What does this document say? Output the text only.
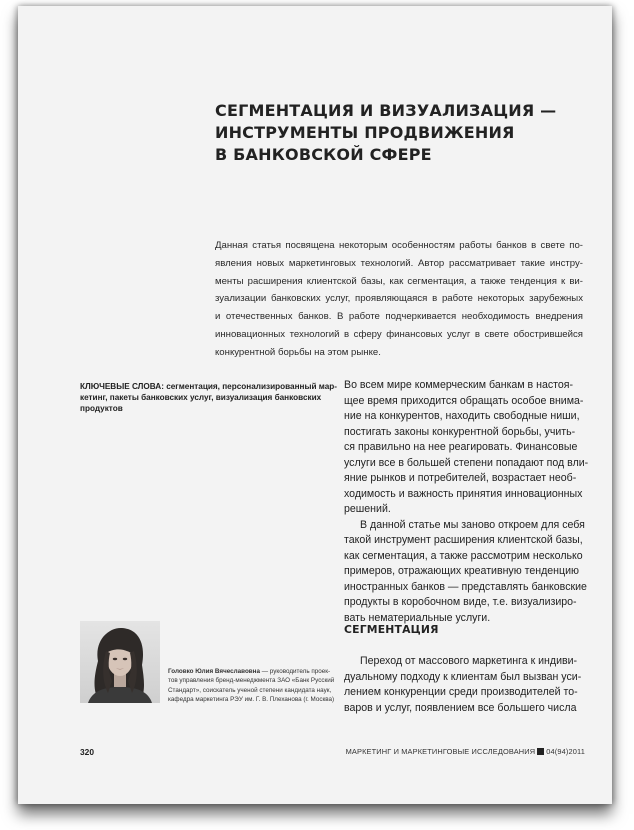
СЕГМЕНТАЦИЯ И ВИЗУАЛИЗАЦИЯ —
ИНСТРУМЕНТЫ ПРОДВИЖЕНИЯ
В БАНКОВСКОЙ СФЕРЕ
Данная статья посвящена некоторым особенностям работы банков в свете по-
явления новых маркетинговых технологий. Автор рассматривает такие инстру-
менты расширения клиентской базы, как сегментация, а также тенденция к ви-
зуализации банковских услуг, проявляющаяся в работе некоторых зарубежных
и отечественных банков. В работе подчеркивается необходимость внедрения
инновационных технологий в сферу финансовых услуг в свете обострившейся
конкурентной борьбы на этом рынке.
КЛЮЧЕВЫЕ СЛОВА: сегментация, персонализированный мар-
кетинг, пакеты банковских услуг, визуализация банковских
продуктов
Во всем мире коммерческим банкам в настоя-
щее время приходится обращать особое внима-
ние на конкурентов, находить свободные ниши,
постигать законы конкурентной борьбы, учить-
ся правильно на нее реагировать. Финансовые
услуги все в большей степени попадают под вли-
яние рынков и потребителей, возрастает необ-
ходимость и важность принятия инновационных
решений.
В данной статье мы заново откроем для себя
такой инструмент расширения клиентской базы,
как сегментация, а также рассмотрим несколько
примеров, отражающих креативную тенденцию
иностранных банков — представлять банковские
продукты в коробочном виде, т.е. визуализиро-
вать нематериальные услуги.
СЕГМЕНТАЦИЯ
Переход от массового маркетинга к индиви-
дуальному подходу к клиентам был вызван уси-
лением конкуренции среди производителей то-
варов и услуг, появлением все большего числа
Головко Юлия Вячеславовна — руководитель проек-
тов управления бренд-менеджмента ЗАО «Банк Русский
Стандарт», соискатель ученой степени кандидата наук,
кафедра маркетинга РЭУ им. Г. В. Плеханова (г. Москва)
320	МАРКЕТИНГ И МАРКЕТИНГОВЫЕ ИССЛЕДОВАНИЯ 04(94)2011
